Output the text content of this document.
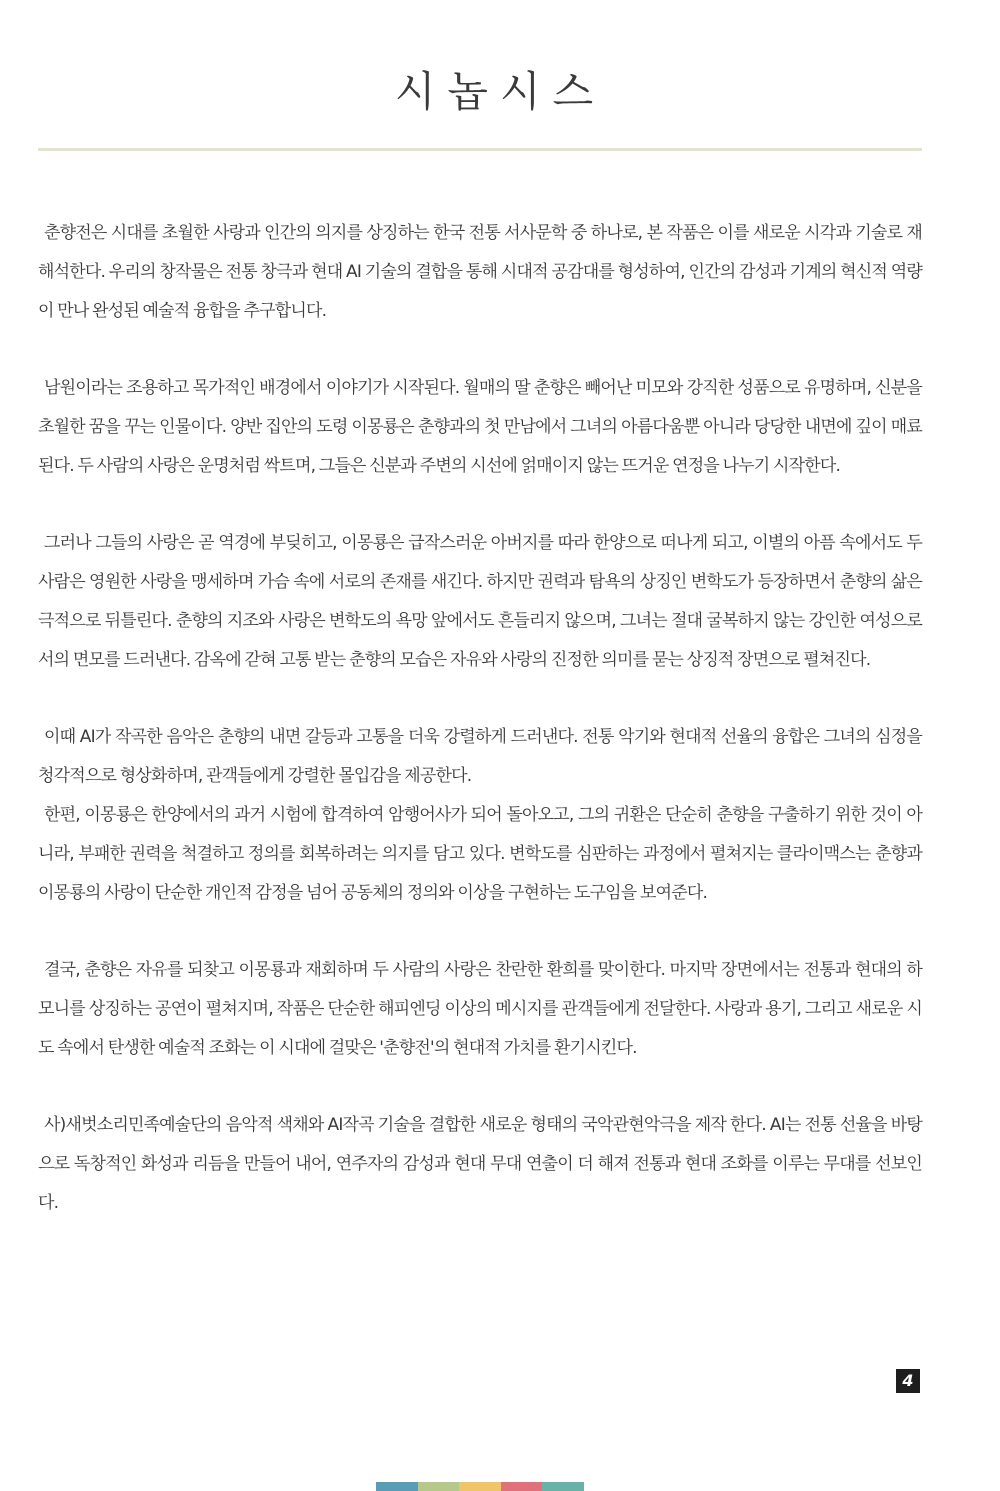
시놉시스

춘향전은 시대를 초월한 사랑과 인간의 의지를 상징하는 한국 전통 서사문학 중 하나로, 본 작품은 이를 새로운 시각과 기술로 재해석한다. 우리의 창작물은 전통 창극과 현대 AI 기술의 결합을 통해 시대적 공감대를 형성하여, 인간의 감성과 기계의 혁신적 역량이 만나 완성된 예술적 융합을 추구합니다.

남원이라는 조용하고 목가적인 배경에서 이야기가 시작된다. 월매의 딸 춘향은 빼어난 미모와 강직한 성품으로 유명하며, 신분을 초월한 꿈을 꾸는 인물이다. 양반 집안의 도령 이몽룡은 춘향과의 첫 만남에서 그녀의 아름다움뿐 아니라 당당한 내면에 깊이 매료된다. 두 사람의 사랑은 운명처럼 싹트며, 그들은 신분과 주변의 시선에 얽매이지 않는 뜨거운 연정을 나누기 시작한다.

그러나 그들의 사랑은 곧 역경에 부딪히고, 이몽룡은 급작스러운 아버지를 따라 한양으로 떠나게 되고, 이별의 아픔 속에서도 두 사람은 영원한 사랑을 맹세하며 가슴 속에 서로의 존재를 새긴다. 하지만 권력과 탐욕의 상징인 변학도가 등장하면서 춘향의 삶은 극적으로 뒤틀린다. 춘향의 지조와 사랑은 변학도의 욕망 앞에서도 흔들리지 않으며, 그녀는 절대 굴복하지 않는 강인한 여성으로서의 면모를 드러낸다. 감옥에 갇혀 고통 받는 춘향의 모습은 자유와 사랑의 진정한 의미를 묻는 상징적 장면으로 펼쳐진다.

이때 AI가 작곡한 음악은 춘향의 내면 갈등과 고통을 더욱 강렬하게 드러낸다. 전통 악기와 현대적 선율의 융합은 그녀의 심정을 청각적으로 형상화하며, 관객들에게 강렬한 몰입감을 제공한다.

한편, 이몽룡은 한양에서의 과거 시험에 합격하여 암행어사가 되어 돌아오고, 그의 귀환은 단순히 춘향을 구출하기 위한 것이 아니라, 부패한 권력을 척결하고 정의를 회복하려는 의지를 담고 있다. 변학도를 심판하는 과정에서 펼쳐지는 클라이맥스는 춘향과 이몽룡의 사랑이 단순한 개인적 감정을 넘어 공동체의 정의와 이상을 구현하는 도구임을 보여준다.

결국, 춘향은 자유를 되찾고 이몽룡과 재회하며 두 사람의 사랑은 찬란한 환희를 맞이한다. 마지막 장면에서는 전통과 현대의 하모니를 상징하는 공연이 펼쳐지며, 작품은 단순한 해피엔딩 이상의 메시지를 관객들에게 전달한다. 사랑과 용기, 그리고 새로운 시도 속에서 탄생한 예술적 조화는 이 시대에 걸맞은 '춘향전'의 현대적 가치를 환기시킨다.

사)새벗소리민족예술단의 음악적 색채와 AI작곡 기술을 결합한 새로운 형태의 국악관현악극을 제작 한다. AI는 전통 선율을 바탕으로 독창적인 화성과 리듬을 만들어 내어, 연주자의 감성과 현대 무대 연출이 더 해져 전통과 현대 조화를 이루는 무대를 선보인다.

4
